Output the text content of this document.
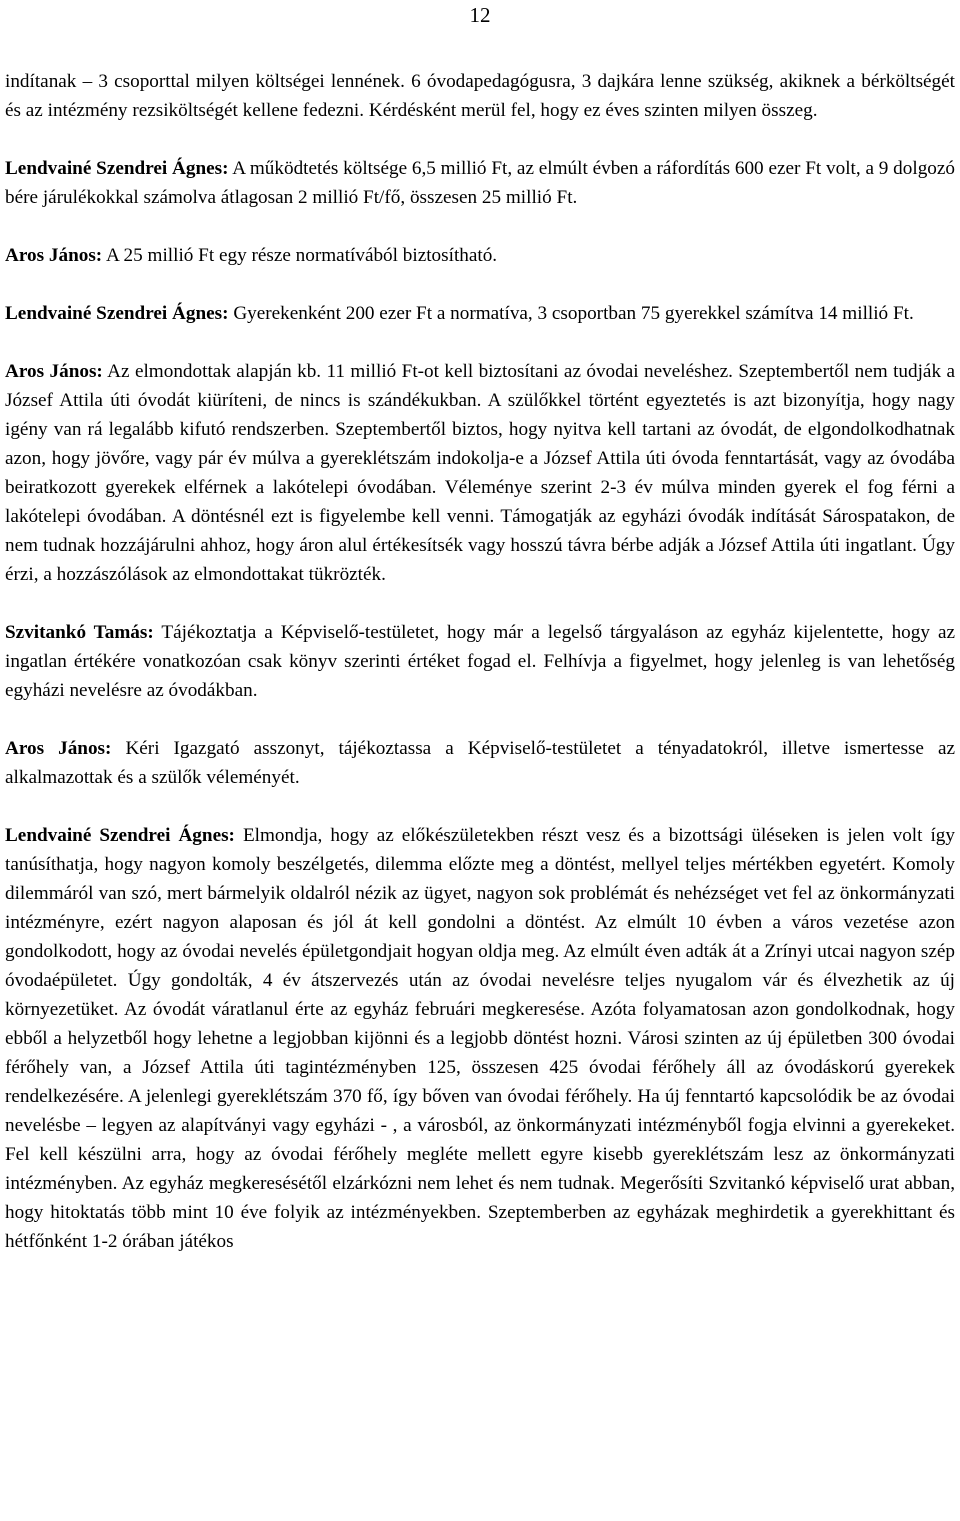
12

indítanak – 3 csoporttal milyen költségei lennének. 6 óvodapedagógusra, 3 dajkára lenne szükség, akiknek a bérköltségét és az intézmény rezsiköltségét kellene fedezni. Kérdésként merül fel, hogy ez éves szinten milyen összeg.

Lendvainé Szendrei Ágnes: A működtetés költsége 6,5 millió Ft, az elmúlt évben a ráfordítás 600 ezer Ft volt, a 9 dolgozó bére járulékokkal számolva átlagosan 2 millió Ft/fő, összesen 25 millió Ft.

Aros János: A 25 millió Ft egy része normatívából biztosítható.

Lendvainé Szendrei Ágnes: Gyerekenként 200 ezer Ft a normatíva, 3 csoportban 75 gyerekkel számítva 14 millió Ft.

Aros János: Az elmondottak alapján kb. 11 millió Ft-ot kell biztosítani az óvodai neveléshez. Szeptembertől nem tudják a József Attila úti óvodát kiüríteni, de nincs is szándékukban. A szülőkkel történt egyeztetés is azt bizonyítja, hogy nagy igény van rá legalább kifutó rendszerben. Szeptembertől biztos, hogy nyitva kell tartani az óvodát, de elgondolkodhatnak azon, hogy jövőre, vagy pár év múlva a gyereklétszám indokolja-e a József Attila úti óvoda fenntartását, vagy az óvodába beiratkozott gyerekek elférnek a lakótelepi óvodában. Véleménye szerint 2-3 év múlva minden gyerek el fog férni a lakótelepi óvodában. A döntésnél ezt is figyelembe kell venni. Támogatják az egyházi óvodák indítását Sárospatakon, de nem tudnak hozzájárulni ahhoz, hogy áron alul értékesítsék vagy hosszú távra bérbe adják a József Attila úti ingatlant. Úgy érzi, a hozzászólások az elmondottakat tükrözték.

Szvitankó Tamás: Tájékoztatja a Képviselő-testületet, hogy már a legelső tárgyaláson az egyház kijelentette, hogy az ingatlan értékére vonatkozóan csak könyv szerinti értéket fogad el. Felhívja a figyelmet, hogy jelenleg is van lehetőség egyházi nevelésre az óvodákban.

Aros János: Kéri Igazgató asszonyt, tájékoztassa a Képviselő-testületet a tényadatokról, illetve ismertesse az alkalmazottak és a szülők véleményét.

Lendvainé Szendrei Ágnes: Elmondja, hogy az előkészületekben részt vesz és a bizottsági üléseken is jelen volt így tanúsíthatja, hogy nagyon komoly beszélgetés, dilemma előzte meg a döntést, mellyel teljes mértékben egyetért. Komoly dilemmáról van szó, mert bármelyik oldalról nézik az ügyet, nagyon sok problémát és nehézséget vet fel az önkormányzati intézményre, ezért nagyon alaposan és jól át kell gondolni a döntést. Az elmúlt 10 évben a város vezetése azon gondolkodott, hogy az óvodai nevelés épületgondjait hogyan oldja meg. Az elmúlt éven adták át a Zrínyi utcai nagyon szép óvodaépületet. Úgy gondolták, 4 év átszervezés után az óvodai nevelésre teljes nyugalom vár és élvezhetik az új környezetüket. Az óvodát váratlanul érte az egyház februári megkeresése. Azóta folyamatosan azon gondolkodnak, hogy ebből a helyzetből hogy lehetne a legjobban kijönni és a legjobb döntést hozni. Városi szinten az új épületben 300 óvodai férőhely van, a József Attila úti tagintézményben 125, összesen 425 óvodai férőhely áll az óvodáskorú gyerekek rendelkezésére. A jelenlegi gyereklétszám 370 fő, így bőven van óvodai férőhely. Ha új fenntartó kapcsolódik be az óvodai nevelésbe – legyen az alapítványi vagy egyházi - , a városból, az önkormányzati intézményből fogja elvinni a gyerekeket. Fel kell készülni arra, hogy az óvodai férőhely megléte mellett egyre kisebb gyereklétszám lesz az önkormányzati intézményben. Az egyház megkeresésétől elzárkózni nem lehet és nem tudnak. Megerősíti Szvitankó képviselő urat abban, hogy hitoktatás több mint 10 éve folyik az intézményekben. Szeptemberben az egyházak meghirdetik a gyerekhittant és hétfőnként 1-2 órában játékos
